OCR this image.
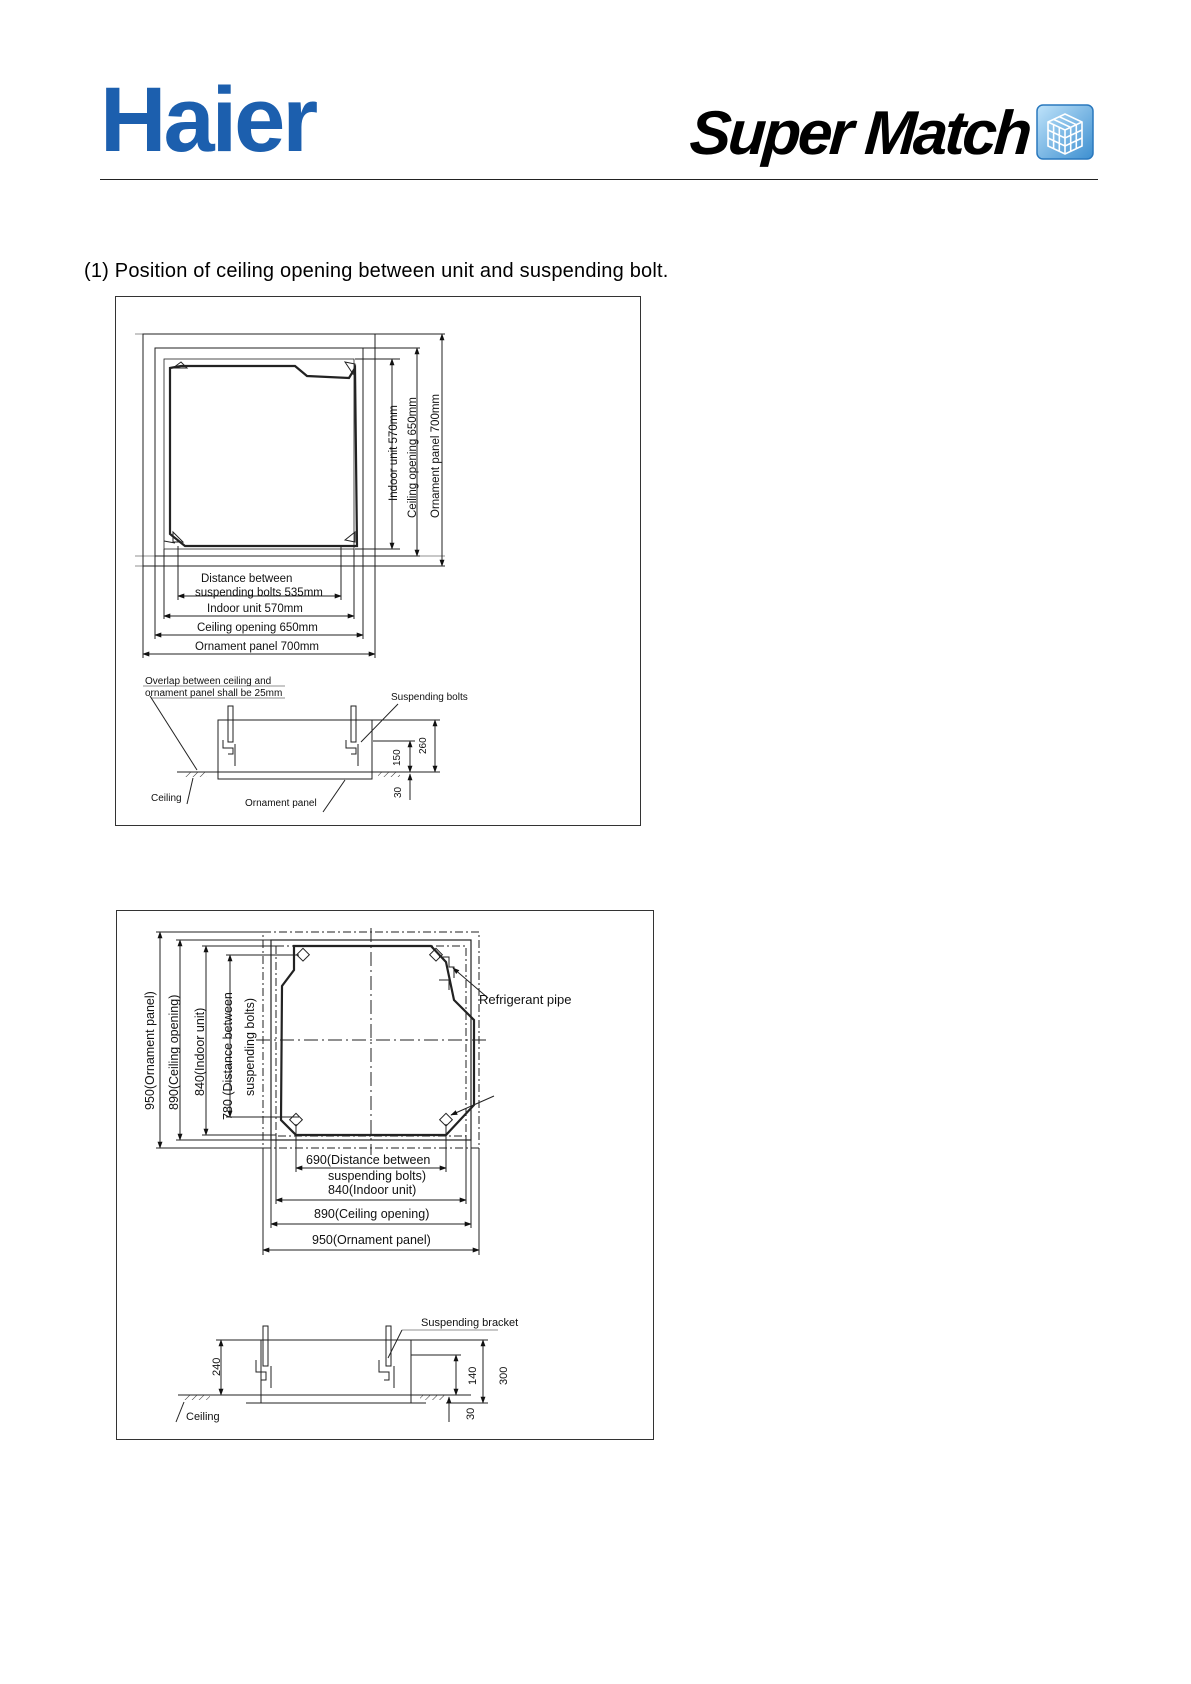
Haier	Super Match
(1) Position of ceiling opening between unit and suspending bolt.
Indoor unit 570mm Ceiling opening 650mm Ornament panel 700mm
Distance between
suspending bolts 535mm
Indoor unit 570mm
Ceiling opening 650mm
Ornament panel 700mm
Overlap between ceiling and
ornament panel shall be 25mm	Suspending bolts
Ceiling	Ornament panel
150
260
30
950(Ornament panel) 890(Ceiling opening) 840(Indoor unit) 780 (Distance between suspending bolts)	Refrigerant pipe
690(Distance between
suspending bolts)
840(Indoor unit)
890(Ceiling opening)
950(Ornament panel)
Suspending bracket
Ceiling
240	140 300
30
